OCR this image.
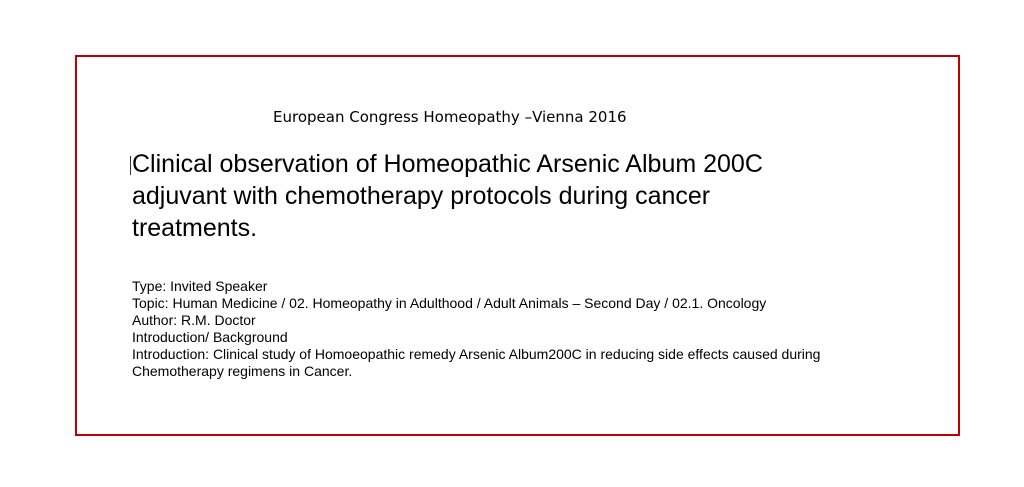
European Congress Homeopathy –Vienna 2016
Clinical observation of Homeopathic Arsenic Album 200C
adjuvant with chemotherapy protocols during cancer
treatments.
Type: Invited Speaker
Topic: Human Medicine / 02. Homeopathy in Adulthood / Adult Animals – Second Day / 02.1. Oncology
Author: R.M. Doctor
Introduction/ Background
Introduction: Clinical study of Homoeopathic remedy Arsenic Album200C in reducing side effects caused during
Chemotherapy regimens in Cancer.
